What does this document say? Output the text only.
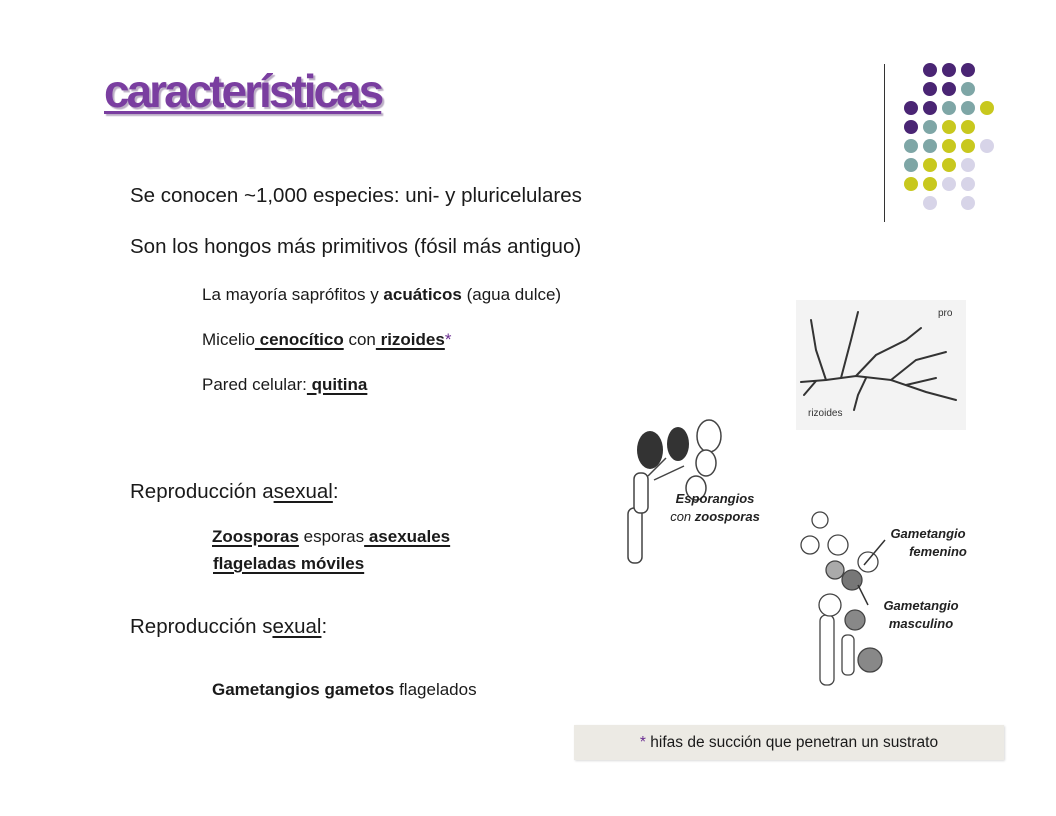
características
Se conocen ~1,000 especies: uni- y pluricelulares
Son los hongos más primitivos (fósil más antiguo)
La mayoría saprófitos y acuáticos (agua dulce)
Micelio cenocítico con rizoides*
Pared celular: quitina
Reproducción asexual:
Zoosporas esporas asexuales
flageladas móviles
Reproducción sexual:
Gametangios gametos flagelados
rizoides
pro
Esporangios
con zoosporas
Gametangio
femenino
Gametangio
masculino
* hifas de succión que penetran un sustrato
